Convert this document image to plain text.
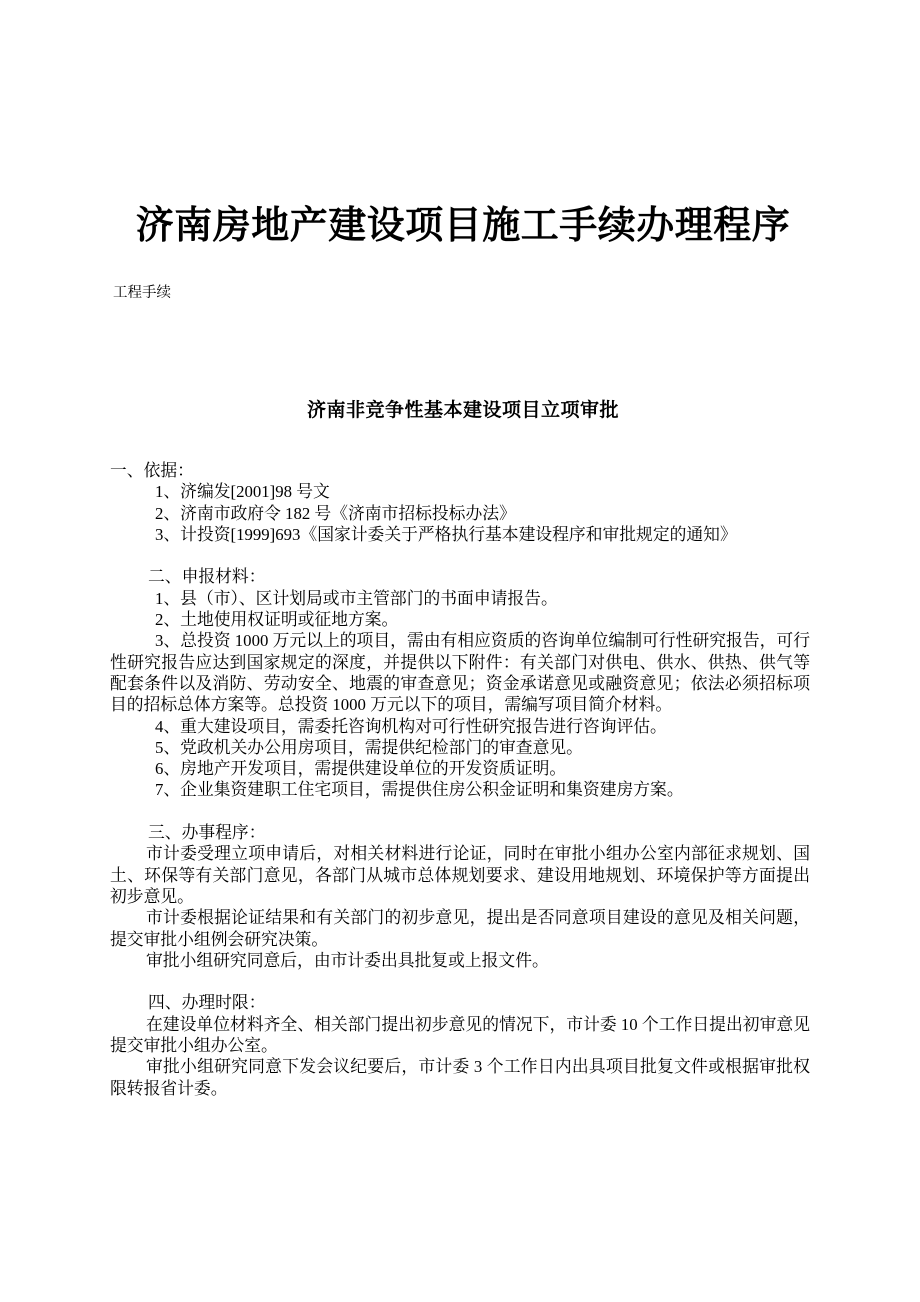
济南房地产建设项目施工手续办理程序
工程手续
济南非竞争性基本建设项目立项审批

一、依据：

1、济编发[2001]98 号文

2、济南市政府令 182 号《济南市招标投标办法》

3、计投资[1999]693《国家计委关于严格执行基本建设程序和审批规定的通知》

二、申报材料：

1、县（市）、区计划局或市主管部门的书面申请报告。

2、土地使用权证明或征地方案。

3、总投资 1000 万元以上的项目，需由有相应资质的咨询单位编制可行性研究报告，可行性研究报告应达到国家规定的深度，并提供以下附件：有关部门对供电、供水、供热、供气等配套条件以及消防、劳动安全、地震的审查意见；资金承诺意见或融资意见；依法必须招标项目的招标总体方案等。总投资 1000 万元以下的项目，需编写项目简介材料。

4、重大建设项目，需委托咨询机构对可行性研究报告进行咨询评估。

5、党政机关办公用房项目，需提供纪检部门的审查意见。

6、房地产开发项目，需提供建设单位的开发资质证明。

7、企业集资建职工住宅项目，需提供住房公积金证明和集资建房方案。

三、办事程序：

市计委受理立项申请后，对相关材料进行论证，同时在审批小组办公室内部征求规划、国土、环保等有关部门意见，各部门从城市总体规划要求、建设用地规划、环境保护等方面提出初步意见。

市计委根据论证结果和有关部门的初步意见，提出是否同意项目建设的意见及相关问题，提交审批小组例会研究决策。

审批小组研究同意后，由市计委出具批复或上报文件。

四、办理时限：

在建设单位材料齐全、相关部门提出初步意见的情况下，市计委 10 个工作日提出初审意见提交审批小组办公室。

审批小组研究同意下发会议纪要后，市计委 3 个工作日内出具项目批复文件或根据审批权限转报省计委。
